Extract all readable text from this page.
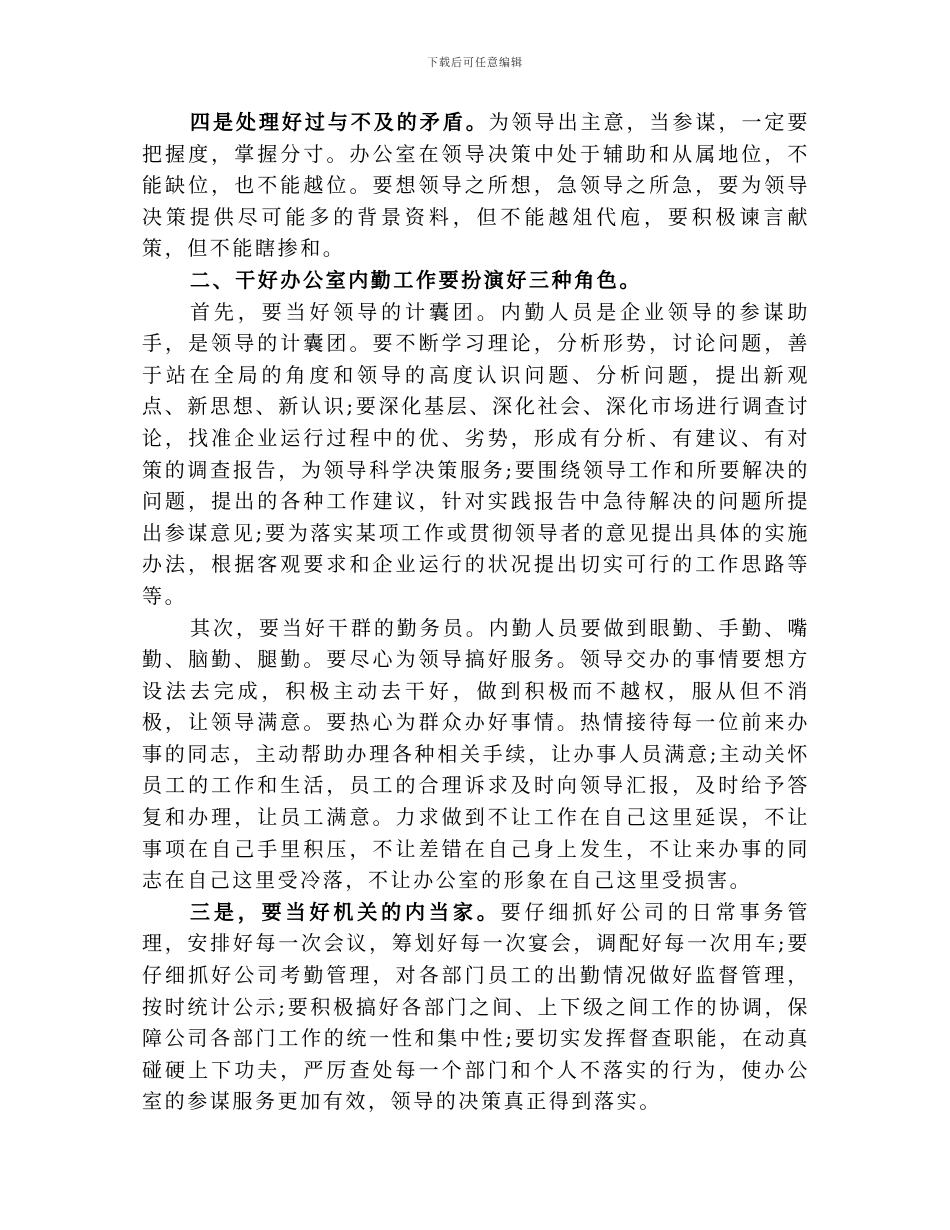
下载后可任意编辑

四是处理好过与不及的矛盾。为领导出主意，当参谋，一定要把握度，掌握分寸。办公室在领导决策中处于辅助和从属地位，不能缺位，也不能越位。要想领导之所想，急领导之所急，要为领导决策提供尽可能多的背景资料，但不能越俎代庖，要积极谏言献策，但不能瞎掺和。

二、干好办公室内勤工作要扮演好三种角色。

首先，要当好领导的计囊团。内勤人员是企业领导的参谋助手，是领导的计囊团。要不断学习理论，分析形势，讨论问题，善于站在全局的角度和领导的高度认识问题、分析问题，提出新观点、新思想、新认识;要深化基层、深化社会、深化市场进行调查讨论，找准企业运行过程中的优、劣势，形成有分析、有建议、有对策的调查报告，为领导科学决策服务;要围绕领导工作和所要解决的问题，提出的各种工作建议，针对实践报告中急待解决的问题所提出参谋意见;要为落实某项工作或贯彻领导者的意见提出具体的实施办法，根据客观要求和企业运行的状况提出切实可行的工作思路等等。

其次，要当好干群的勤务员。内勤人员要做到眼勤、手勤、嘴勤、脑勤、腿勤。要尽心为领导搞好服务。领导交办的事情要想方设法去完成，积极主动去干好，做到积极而不越权，服从但不消极，让领导满意。要热心为群众办好事情。热情接待每一位前来办事的同志，主动帮助办理各种相关手续，让办事人员满意;主动关怀员工的工作和生活，员工的合理诉求及时向领导汇报，及时给予答复和办理，让员工满意。力求做到不让工作在自己这里延误，不让事项在自己手里积压，不让差错在自己身上发生，不让来办事的同志在自己这里受冷落，不让办公室的形象在自己这里受损害。

三是，要当好机关的内当家。要仔细抓好公司的日常事务管理，安排好每一次会议，筹划好每一次宴会，调配好每一次用车;要仔细抓好公司考勤管理，对各部门员工的出勤情况做好监督管理，按时统计公示;要积极搞好各部门之间、上下级之间工作的协调，保障公司各部门工作的统一性和集中性;要切实发挥督查职能，在动真碰硬上下功夫，严厉查处每一个部门和个人不落实的行为，使办公室的参谋服务更加有效，领导的决策真正得到落实。
